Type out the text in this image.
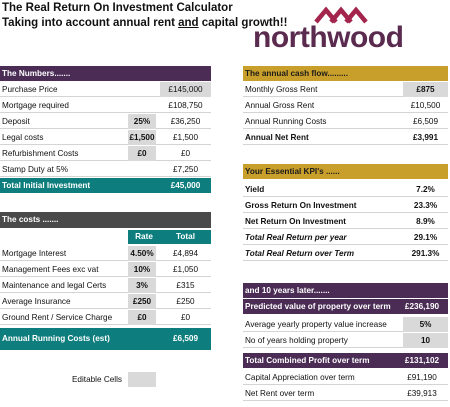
The Real Return On Investment Calculator
Taking into account annual rent and capital growth!!
northwood
The Numbers.......
Purchase Price	£145,000
Mortgage required	£108,750
Deposit	25%	£36,250
Legal costs	£1,500	£1,500
Refurbishment Costs	£0	£0
Stamp Duty at 5%	£7,250
Total Initial Investment	£45,000
The costs .......
Rate	Total
Mortgage Interest	4.50%	£4,894
Management Fees exc vat	10%	£1,050
Maintenance and legal Certs	3%	£315
Average Insurance	£250	£250
Ground Rent / Service Charge	£0	£0
Annual Running Costs (est)	£6,509
Editable Cells
The annual cash flow.........
Monthly Gross Rent	£875
Annual Gross Rent	£10,500
Annual Running Costs	£6,509
Annual Net Rent	£3,991
Your Essential KPI's ......
Yield	7.2%
Gross Return On Investment	23.3%
Net Return On Investment	8.9%
Total Real Return per year	29.1%
Total Real Return over Term	291.3%
and 10 years later.......
Predicted value of property over term	£236,190
Average yearly property value increase	5%
No of years holding property	10
Total Combined Profit over term	£131,102
Capital Appreciation over term	£91,190
Net Rent over term	£39,913
